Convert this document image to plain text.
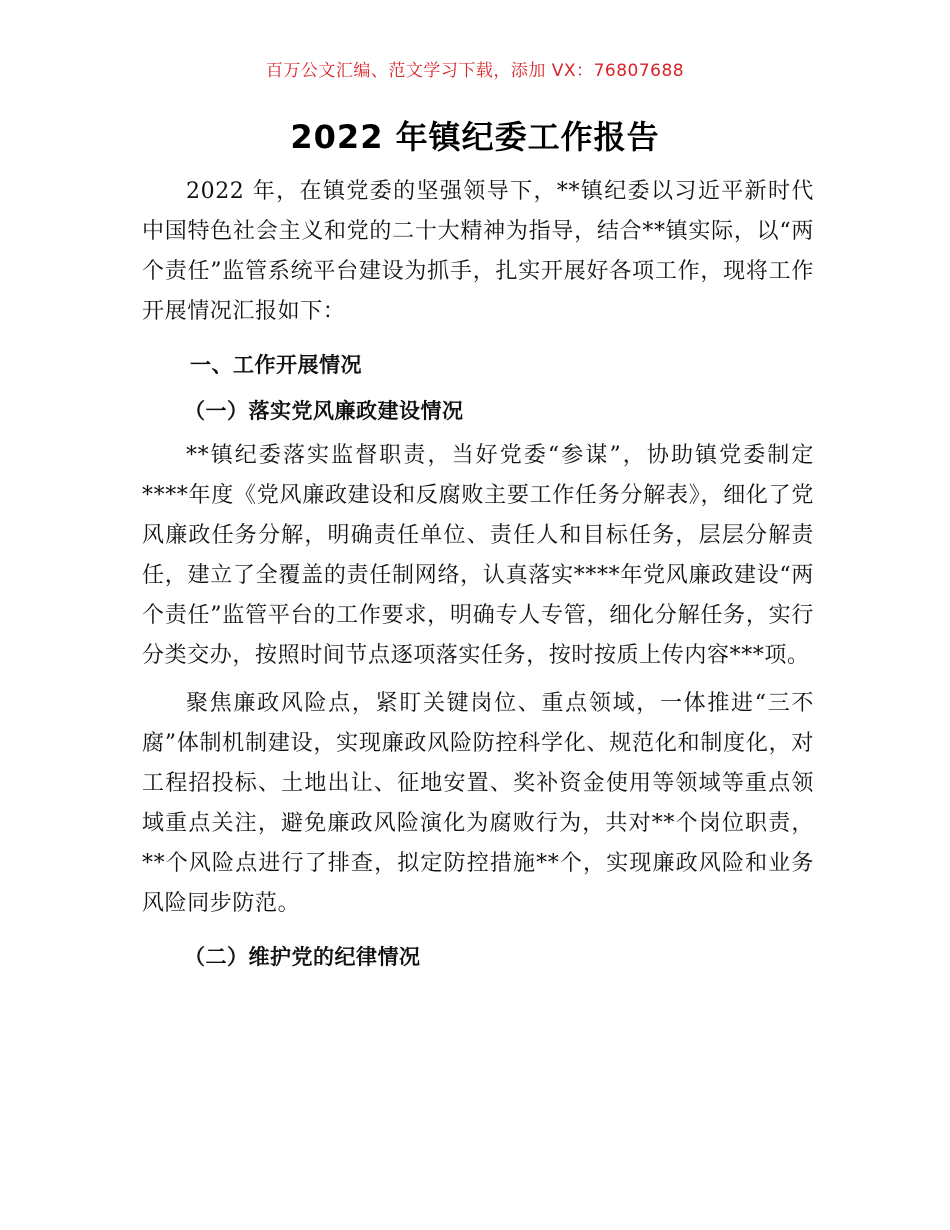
百万公文汇编、范文学习下载，添加 VX：76807688
2022 年镇纪委工作报告

2022 年，在镇党委的坚强领导下，**镇纪委以习近平新时代中国特色社会主义和党的二十大精神为指导，结合**镇实际，以“两个责任”监管系统平台建设为抓手，扎实开展好各项工作，现将工作开展情况汇报如下：

一、工作开展情况
（一）落实党风廉政建设情况

**镇纪委落实监督职责，当好党委“参谋”，协助镇党委制定****年度《党风廉政建设和反腐败主要工作任务分解表》，细化了党风廉政任务分解，明确责任单位、责任人和目标任务，层层分解责任，建立了全覆盖的责任制网络，认真落实****年党风廉政建设“两个责任”监管平台的工作要求，明确专人专管，细化分解任务，实行分类交办，按照时间节点逐项落实任务，按时按质上传内容***项。

聚焦廉政风险点，紧盯关键岗位、重点领域，一体推进“三不腐”体制机制建设，实现廉政风险防控科学化、规范化和制度化，对工程招投标、土地出让、征地安置、奖补资金使用等领域等重点领域重点关注，避免廉政风险演化为腐败行为，共对**个岗位职责，**个风险点进行了排查，拟定防控措施**个，实现廉政风险和业务风险同步防范。

（二）维护党的纪律情况
